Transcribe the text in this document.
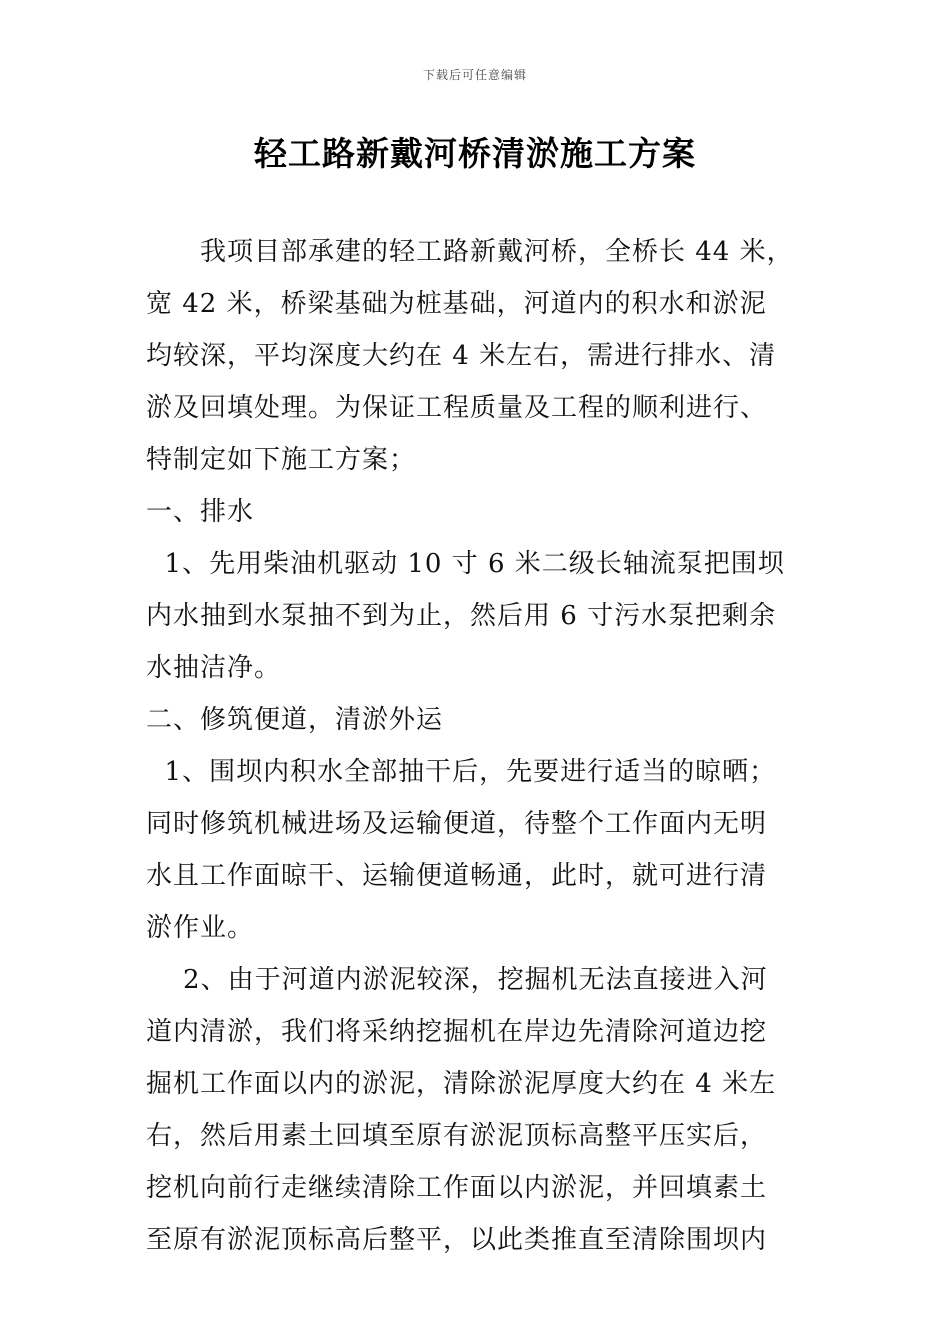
下载后可任意编辑
轻工路新戴河桥清淤施工方案

　　我项目部承建的轻工路新戴河桥，全桥长 44 米，

宽 42 米，桥梁基础为桩基础，河道内的积水和淤泥

均较深，平均深度大约在 4 米左右，需进行排水、清

淤及回填处理。为保证工程质量及工程的顺利进行、

特制定如下施工方案；

一、排水

1、先用柴油机驱动 10 寸 6 米二级长轴流泵把围坝

内水抽到水泵抽不到为止，然后用 6 寸污水泵把剩余

水抽洁净。

二、修筑便道，清淤外运

1、围坝内积水全部抽干后，先要进行适当的晾晒；

同时修筑机械进场及运输便道，待整个工作面内无明

水且工作面晾干、运输便道畅通，此时，就可进行清

淤作业。

2、由于河道内淤泥较深，挖掘机无法直接进入河

道内清淤，我们将采纳挖掘机在岸边先清除河道边挖

掘机工作面以内的淤泥，清除淤泥厚度大约在 4 米左

右，然后用素土回填至原有淤泥顶标高整平压实后，

挖机向前行走继续清除工作面以内淤泥，并回填素土

至原有淤泥顶标高后整平，以此类推直至清除围坝内
